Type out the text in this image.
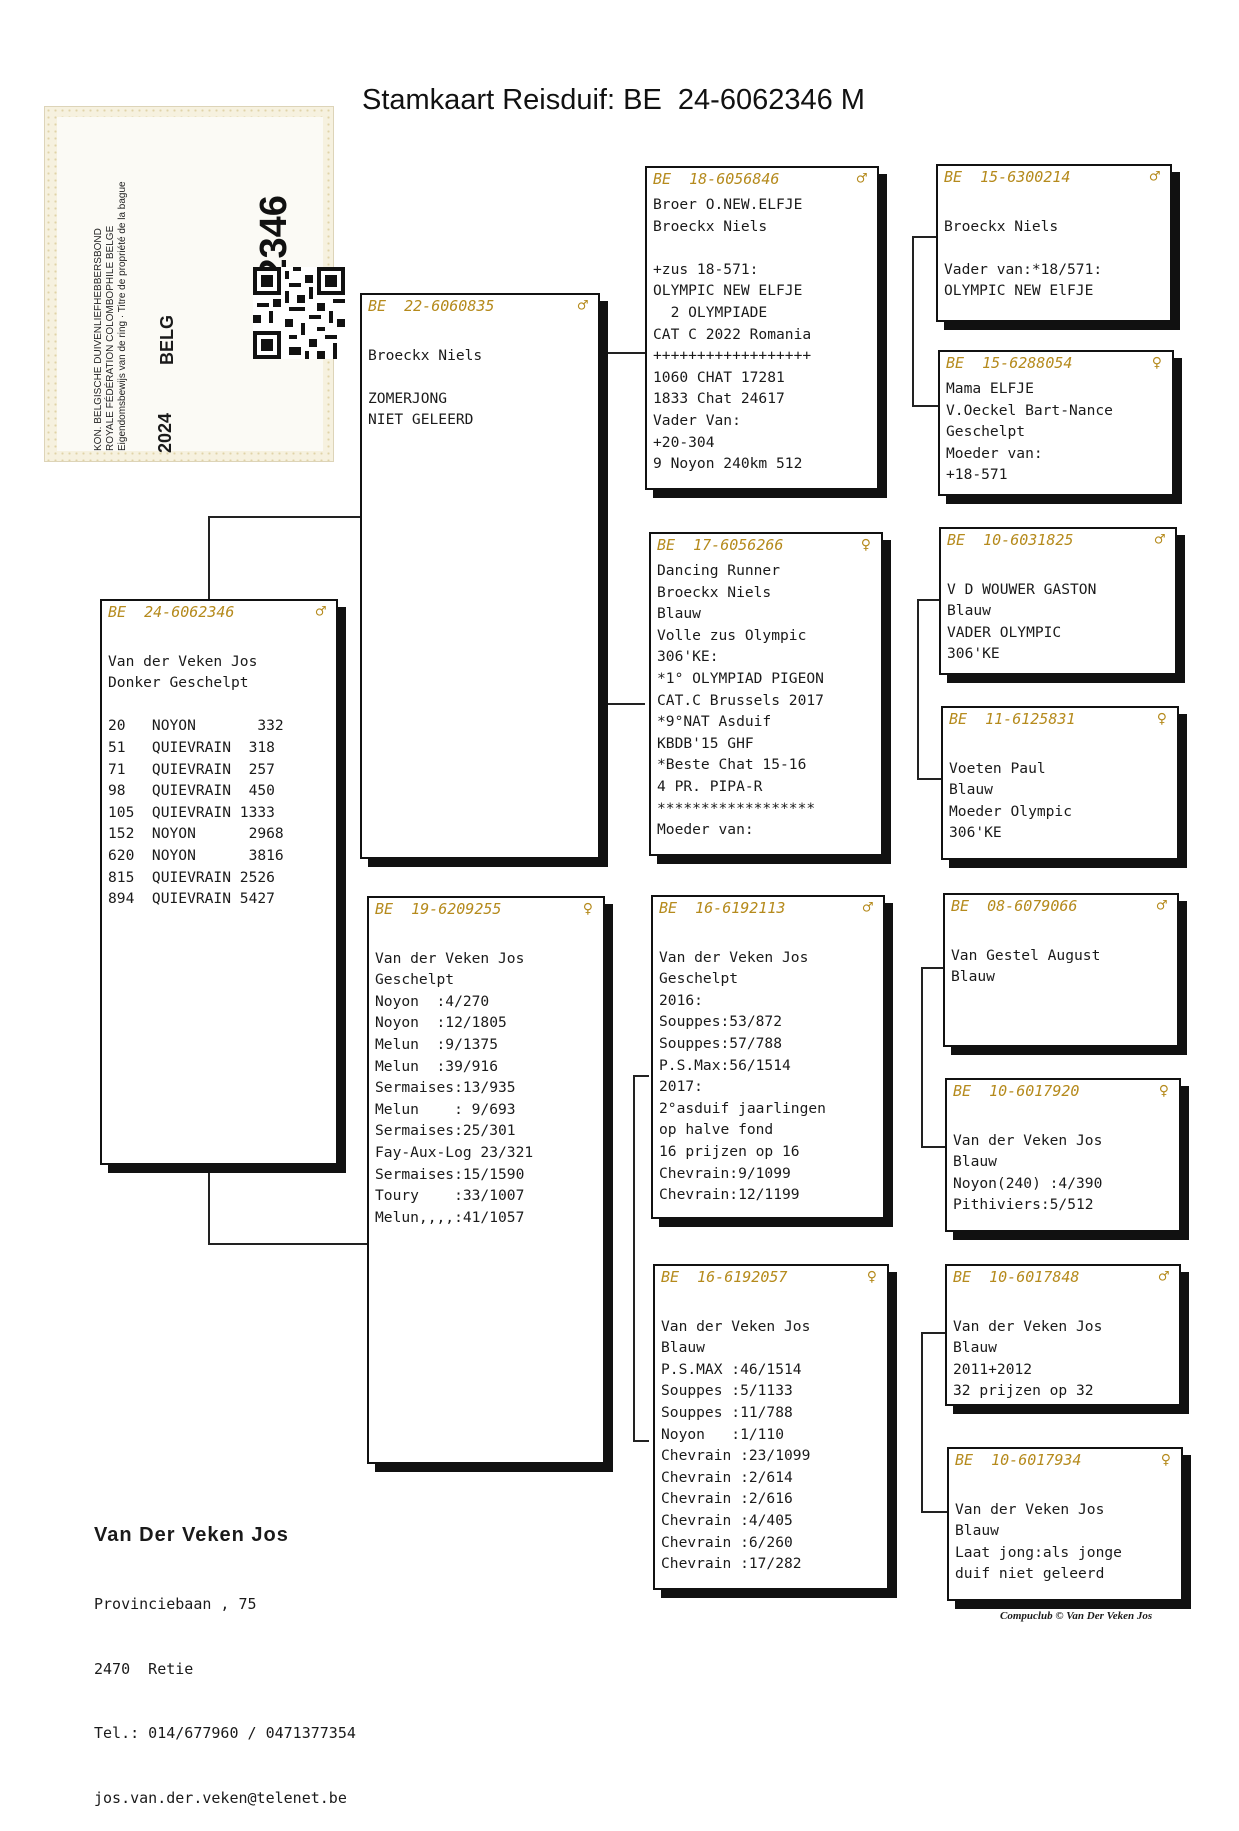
Stamkaart Reisduif: BE  24-6062346 M
KON. BELGISCHE DUIVENLIEFHEBBERSBOND ROYALE FÉDÉRATION COLOMBOPHILE BELGE Eigendomsbewijs van de ring · Titre de propriété de la bague 2024
BELG
BE 24-6062346	♂

Van der Veken Jos
Donker Geschelpt

20   NOYON       332
51   QUIEVRAIN  318
71   QUIEVRAIN  257
98   QUIEVRAIN  450
105  QUIEVRAIN 1333
152  NOYON      2968
620  NOYON      3816
815  QUIEVRAIN 2526
894  QUIEVRAIN 5427
BE 22-6060835	♂

Broeckx Niels

ZOMERJONG
NIET GELEERD
BE 19-6209255	♀

Van der Veken Jos
Geschelpt
Noyon  :4/270
Noyon  :12/1805
Melun  :9/1375
Melun  :39/916
Sermaises:13/935
Melun    : 9/693
Sermaises:25/301
Fay-Aux-Log 23/321
Sermaises:15/1590
Toury    :33/1007
Melun,,,,:41/1057
BE 18-6056846	♂
Broer O.NEW.ELFJE
Broeckx Niels

+zus 18-571:
OLYMPIC NEW ELFJE
2 OLYMPIADE
CAT C 2022 Romania
++++++++++++++++++
1060 CHAT 17281
1833 Chat 24617
Vader Van:
+20-304
9 Noyon 240km 512
BE 17-6056266	♀
Dancing Runner
Broeckx Niels
Blauw
Volle zus Olympic
306'KE:
*1° OLYMPIAD PIGEON
CAT.C Brussels 2017
*9°NAT Asduif
KBDB'15 GHF
*Beste Chat 15-16
4 PR. PIPA-R
******************
Moeder van:
BE 16-6192113	♂

Van der Veken Jos
Geschelpt
2016:
Souppes:53/872
Souppes:57/788
P.S.Max:56/1514
2017:
2°asduif jaarlingen
op halve fond
16 prijzen op 16
Chevrain:9/1099
Chevrain:12/1199
BE 16-6192057	♀

Van der Veken Jos
Blauw
P.S.MAX :46/1514
Souppes :5/1133
Souppes :11/788
Noyon   :1/110
Chevrain :23/1099
Chevrain :2/614
Chevrain :2/616
Chevrain :4/405
Chevrain :6/260
Chevrain :17/282
BE 15-6300214	♂

Broeckx Niels

Vader van:*18/571:
OLYMPIC NEW ElFJE
BE 15-6288054	♀
Mama ELFJE
V.Oeckel Bart-Nance
Geschelpt
Moeder van:
+18-571
BE 10-6031825	♂

V D WOUWER GASTON
Blauw
VADER OLYMPIC
306'KE
BE 11-6125831	♀

Voeten Paul
Blauw
Moeder Olympic
306'KE
BE 08-6079066	♂

Van Gestel August
Blauw
BE 10-6017920	♀

Van der Veken Jos
Blauw
Noyon(240) :4/390
Pithiviers:5/512
BE 10-6017848	♂

Van der Veken Jos
Blauw
2011+2012
32 prijzen op 32
BE 10-6017934	♀

Van der Veken Jos
Blauw
Laat jong:als jonge
duif niet geleerd

Van Der Veken Jos

Provinciebaan , 75

2470  Retie

Tel.: 014/677960 / 0471377354

jos.van.der.veken@telenet.be

Compuclub © Van Der Veken Jos
